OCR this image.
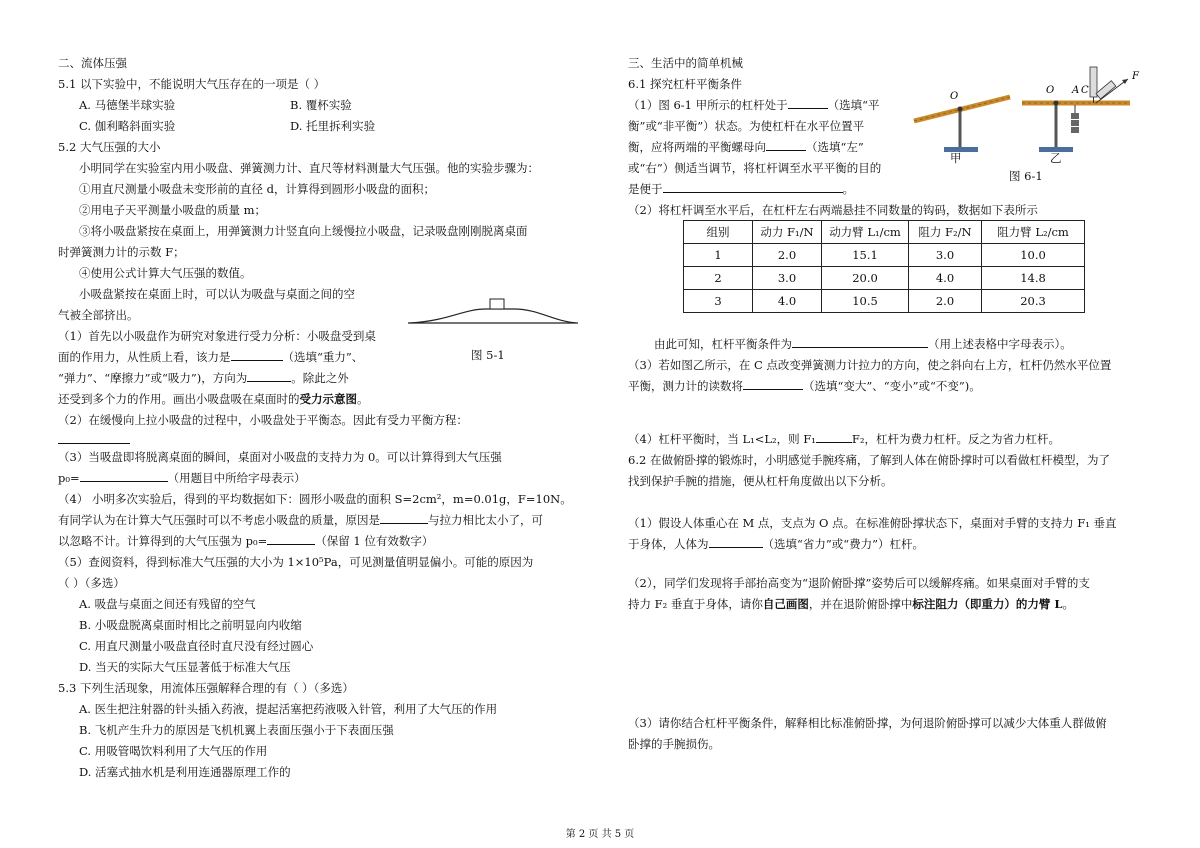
二、流体压强
5.1 以下实验中，不能说明大气压存在的一项是（ ）
A. 马德堡半球实验	B. 覆杯实验
C. 伽利略斜面实验	D. 托里拆利实验
5.2 大气压强的大小
小明同学在实验室内用小吸盘、弹簧测力计、直尺等材料测量大气压强。他的实验步骤为：
①用直尺测量小吸盘未变形前的直径 d，计算得到圆形小吸盘的面积；
②用电子天平测量小吸盘的质量 m；
③将小吸盘紧按在桌面上，用弹簧测力计竖直向上缓慢拉小吸盘，记录吸盘刚刚脱离桌面
时弹簧测力计的示数 F；
④使用公式计算大气压强的数值。
小吸盘紧按在桌面上时，可以认为吸盘与桌面之间的空
气被全部挤出。
图 5-1
（1）首先以小吸盘作为研究对象进行受力分析：小吸盘受到桌
面的作用力，从性质上看，该力是	（选填“重力”、
“弹力”、“摩擦力”或“吸力”)，方向为	。除此之外
还受到多个力的作用。画出小吸盘吸在桌面时的受力示意图。
（2）在缓慢向上拉小吸盘的过程中，小吸盘处于平衡态。因此有受力平衡方程：
（3）当吸盘即将脱离桌面的瞬间，桌面对小吸盘的支持力为 0。可以计算得到大气压强
p₀=	（用题目中所给字母表示）
（4） 小明多次实验后，得到的平均数据如下：圆形小吸盘的面积 S=2cm²，m=0.01g，F=10N。
有同学认为在计算大气压强时可以不考虑小吸盘的质量，原因是	与拉力相比太小了，可
以忽略不计。计算得到的大气压强为 p₀=	（保留 1 位有效数字）
（5）查阅资料，得到标准大气压强的大小为 1×10⁵Pa，可见测量值明显偏小。可能的原因为
（ ）（多选）
A. 吸盘与桌面之间还有残留的空气
B. 小吸盘脱离桌面时相比之前明显向内收缩
C. 用直尺测量小吸盘直径时直尺没有经过圆心
D. 当天的实际大气压显著低于标准大气压
5.3 下列生活现象，用流体压强解释合理的有（ ）（多选）
A. 医生把注射器的针头插入药液，提起活塞把药液吸入针管，利用了大气压的作用
B. 飞机产生升力的原因是飞机机翼上表面压强小于下表面压强
C. 用吸管喝饮料利用了大气压的作用
D. 活塞式抽水机是利用连通器原理工作的
三、生活中的简单机械
6.1 探究杠杆平衡条件
（1）图 6-1 甲所示的杠杆处于	（选填“平
衡”或“非平衡”）状态。为使杠杆在水平位置平
衡，应将两端的平衡螺母向	（选填“左”
或“右”）侧适当调节，将杠杆调至水平平衡的目的
是便于	。
O
O A C
F
甲	乙
图 6-1
（2）将杠杆调至水平后，在杠杆左右两端悬挂不同数量的钩码，数据如下表所示
组别	动力 F₁/N	动力臂 L₁/cm	阻力 F₂/N	阻力臂 L₂/cm
1	2.0	15.1	3.0	10.0
2	3.0	20.0	4.0	14.8
3	4.0	10.5	2.0	20.3
由此可知，杠杆平衡条件为	（用上述表格中字母表示）。
（3）若如图乙所示，在 C 点改变弹簧测力计拉力的方向，使之斜向右上方，杠杆仍然水平位置
平衡，测力计的读数将	（选填“变大”、“变小”或“不变”)。
（4）杠杆平衡时，当 L₁<L₂，则 F₁	F₂，杠杆为费力杠杆。反之为省力杠杆。
6.2 在做俯卧撑的锻炼时，小明感觉手腕疼痛，了解到人体在俯卧撑时可以看做杠杆模型，为了
找到保护手腕的措施，便从杠杆角度做出以下分析。
（1）假设人体重心在 M 点，支点为 O 点。在标准俯卧撑状态下，桌面对手臂的支持力 F₁ 垂直
于身体，人体为	（选填“省力”或“费力”）杠杆。
（2），同学们发现将手部抬高变为“退阶俯卧撑”姿势后可以缓解疼痛。如果桌面对手臂的支
持力 F₂ 垂直于身体，请你自己画图，并在退阶俯卧撑中标注阻力（即重力）的力臂 L。
（3）请你结合杠杆平衡条件，解释相比标准俯卧撑，为何退阶俯卧撑可以减少大体重人群做俯
卧撑的手腕损伤。
第 2 页 共 5 页
